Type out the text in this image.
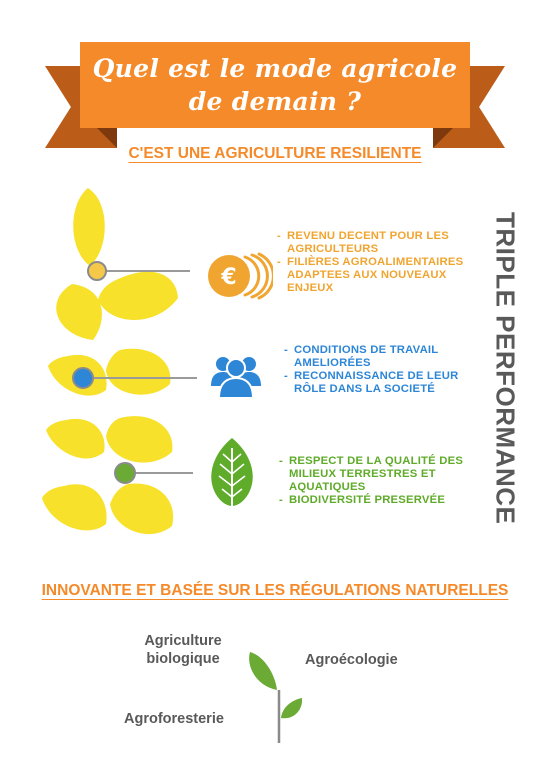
Quel est le mode agricole
de demain ?
C'EST UNE AGRICULTURE RESILIENTE
€
- REVENU DECENT POUR LES AGRICULTEURS
- FILIÈRES AGROALIMENTAIRES ADAPTEES AUX NOUVEAUX ENJEUX
- CONDITIONS DE TRAVAIL AMELIORÉES
- RECONNAISSANCE DE LEUR RÔLE DANS LA SOCIETÉ
- RESPECT DE LA QUALITÉ DES MILIEUX TERRESTRES ET AQUATIQUES
- BIODIVERSITÉ PRESERVÉE	TRIPLE PERFORMANCE
INNOVANTE ET BASÉE SUR LES RÉGULATIONS NATURELLES
Agriculture
biologique	Agroécologie
Agroforesterie
